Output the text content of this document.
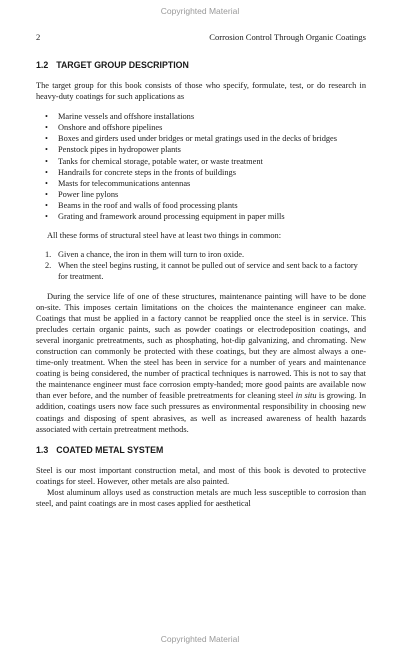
Copyrighted Material
2	Corrosion Control Through Organic Coatings
1.2 TARGET GROUP DESCRIPTION

The target group for this book consists of those who specify, formulate, test, or do research in heavy-duty coatings for such applications as

• Marine vessels and offshore installations
• Onshore and offshore pipelines
• Boxes and girders used under bridges or metal gratings used in the decks of bridges
• Penstock pipes in hydropower plants
• Tanks for chemical storage, potable water, or waste treatment
• Handrails for concrete steps in the fronts of buildings
• Masts for telecommunications antennas
• Power line pylons
• Beams in the roof and walls of food processing plants
• Grating and framework around processing equipment in paper mills

All these forms of structural steel have at least two things in common:

1. Given a chance, the iron in them will turn to iron oxide.
2. When the steel begins rusting, it cannot be pulled out of service and sent back to a factory for treatment.

During the service life of one of these structures, maintenance painting will have to be done on-site. This imposes certain limitations on the choices the maintenance engineer can make. Coatings that must be applied in a factory cannot be reapplied once the steel is in service. This precludes certain organic paints, such as powder coatings or electrodeposition coatings, and several inorganic pretreatments, such as phosphating, hot-dip galvanizing, and chromating. New construction can commonly be protected with these coatings, but they are almost always a one-time-only treatment. When the steel has been in service for a number of years and maintenance coating is being considered, the number of practical techniques is narrowed. This is not to say that the maintenance engineer must face corrosion empty-handed; more good paints are available now than ever before, and the number of feasible pretreatments for cleaning steel in situ is growing. In addition, coatings users now face such pressures as environmental responsibility in choosing new coatings and disposing of spent abrasives, as well as increased awareness of health hazards associated with certain pretreatment methods.

1.3 COATED METAL SYSTEM

Steel is our most important construction metal, and most of this book is devoted to protective coatings for steel. However, other metals are also painted.

Most aluminum alloys used as construction metals are much less susceptible to corrosion than steel, and paint coatings are in most cases applied for aesthetical

Copyrighted Material
